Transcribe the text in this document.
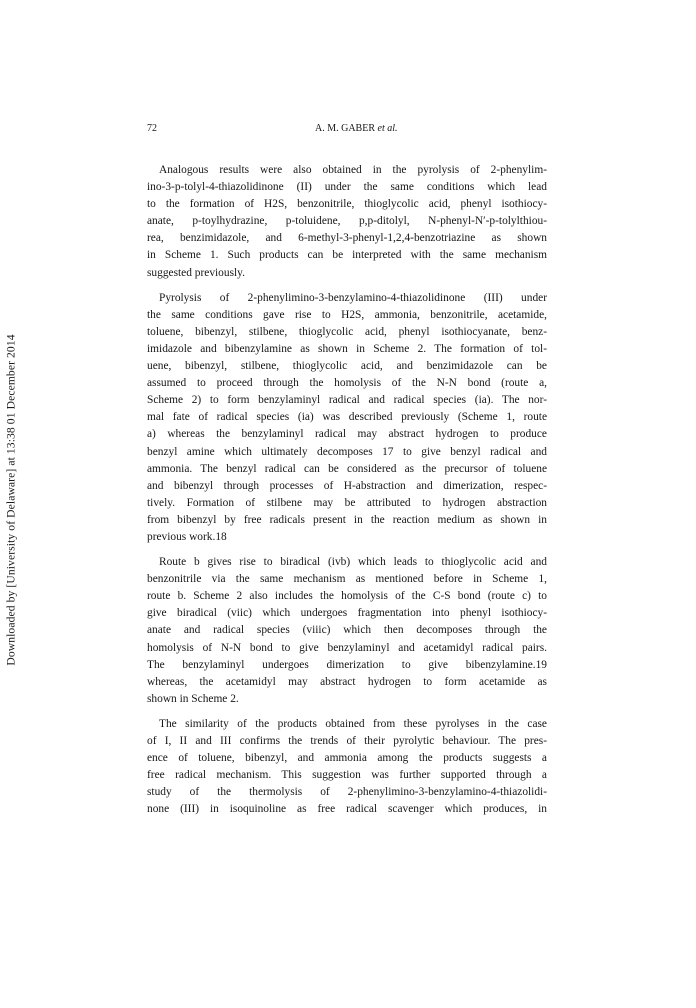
Downloaded by [University of Delaware] at 13:38 01 December 2014
72	A. M. GABER et al.

Analogous results were also obtained in the pyrolysis of 2-phenylim-
ino-3-p-tolyl-4-thiazolidinone (II) under the same conditions which lead
to the formation of H2S, benzonitrile, thioglycolic acid, phenyl isothiocy-
anate, p-toylhydrazine, p-toluidene, p,p-ditolyl, N-phenyl-N′-p-tolylthiou-
rea, benzimidazole, and 6-methyl-3-phenyl-1,2,4-benzotriazine as shown
in Scheme 1. Such products can be interpreted with the same mechanism
suggested previously.

Pyrolysis of 2-phenylimino-3-benzylamino-4-thiazolidinone (III) under
the same conditions gave rise to H2S, ammonia, benzonitrile, acetamide,
toluene, bibenzyl, stilbene, thioglycolic acid, phenyl isothiocyanate, benz-
imidazole and bibenzylamine as shown in Scheme 2. The formation of tol-
uene, bibenzyl, stilbene, thioglycolic acid, and benzimidazole can be
assumed to proceed through the homolysis of the N-N bond (route a,
Scheme 2) to form benzylaminyl radical and radical species (ia). The nor-
mal fate of radical species (ia) was described previously (Scheme 1, route
a) whereas the benzylaminyl radical may abstract hydrogen to produce
benzyl amine which ultimately decomposes 17 to give benzyl radical and
ammonia. The benzyl radical can be considered as the precursor of toluene
and bibenzyl through processes of H-abstraction and dimerization, respec-
tively. Formation of stilbene may be attributed to hydrogen abstraction
from bibenzyl by free radicals present in the reaction medium as shown in
previous work.18

Route b gives rise to biradical (ivb) which leads to thioglycolic acid and
benzonitrile via the same mechanism as mentioned before in Scheme 1,
route b. Scheme 2 also includes the homolysis of the C-S bond (route c) to
give biradical (viic) which undergoes fragmentation into phenyl isothiocy-
anate and radical species (viiic) which then decomposes through the
homolysis of N-N bond to give benzylaminyl and acetamidyl radical pairs.
The benzylaminyl undergoes dimerization to give bibenzylamine.19
whereas, the acetamidyl may abstract hydrogen to form acetamide as
shown in Scheme 2.

The similarity of the products obtained from these pyrolyses in the case
of I, II and III confirms the trends of their pyrolytic behaviour. The pres-
ence of toluene, bibenzyl, and ammonia among the products suggests a
free radical mechanism. This suggestion was further supported through a
study of the thermolysis of 2-phenylimino-3-benzylamino-4-thiazolidi-
none (III) in isoquinoline as free radical scavenger which produces, in
